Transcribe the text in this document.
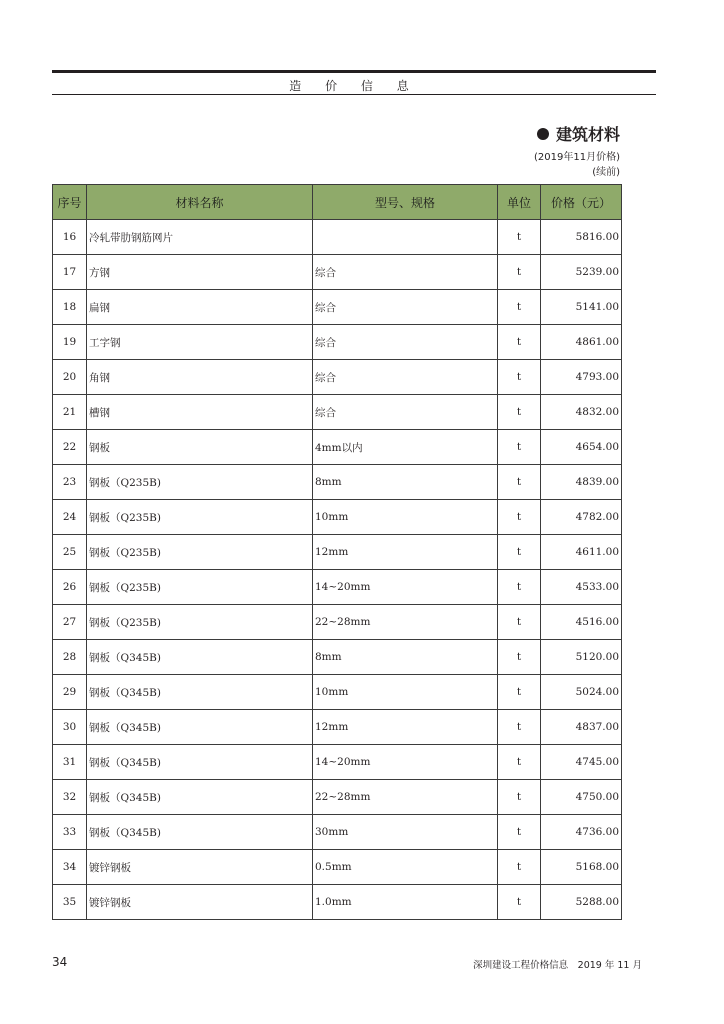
造 价 信 息
建筑材料
(2019年11月价格)
(续前)
序号	材料名称	型号、规格	单位	价格（元）
16	冷轧带肋钢筋网片		t	5816.00
17	方钢	综合	t	5239.00
18	扁钢	综合	t	5141.00
19	工字钢	综合	t	4861.00
20	角钢	综合	t	4793.00
21	槽钢	综合	t	4832.00
22	钢板	4mm以内	t	4654.00
23	钢板（Q235B)	8mm	t	4839.00
24	钢板（Q235B)	10mm	t	4782.00
25	钢板（Q235B)	12mm	t	4611.00
26	钢板（Q235B)	14~20mm	t	4533.00
27	钢板（Q235B)	22~28mm	t	4516.00
28	钢板（Q345B)	8mm	t	5120.00
29	钢板（Q345B)	10mm	t	5024.00
30	钢板（Q345B)	12mm	t	4837.00
31	钢板（Q345B)	14~20mm	t	4745.00
32	钢板（Q345B)	22~28mm	t	4750.00
33	钢板（Q345B)	30mm	t	4736.00
34	镀锌钢板	0.5mm	t	5168.00
35	镀锌钢板	1.0mm	t	5288.00
34	深圳建设工程价格信息　2019 年 11 月
